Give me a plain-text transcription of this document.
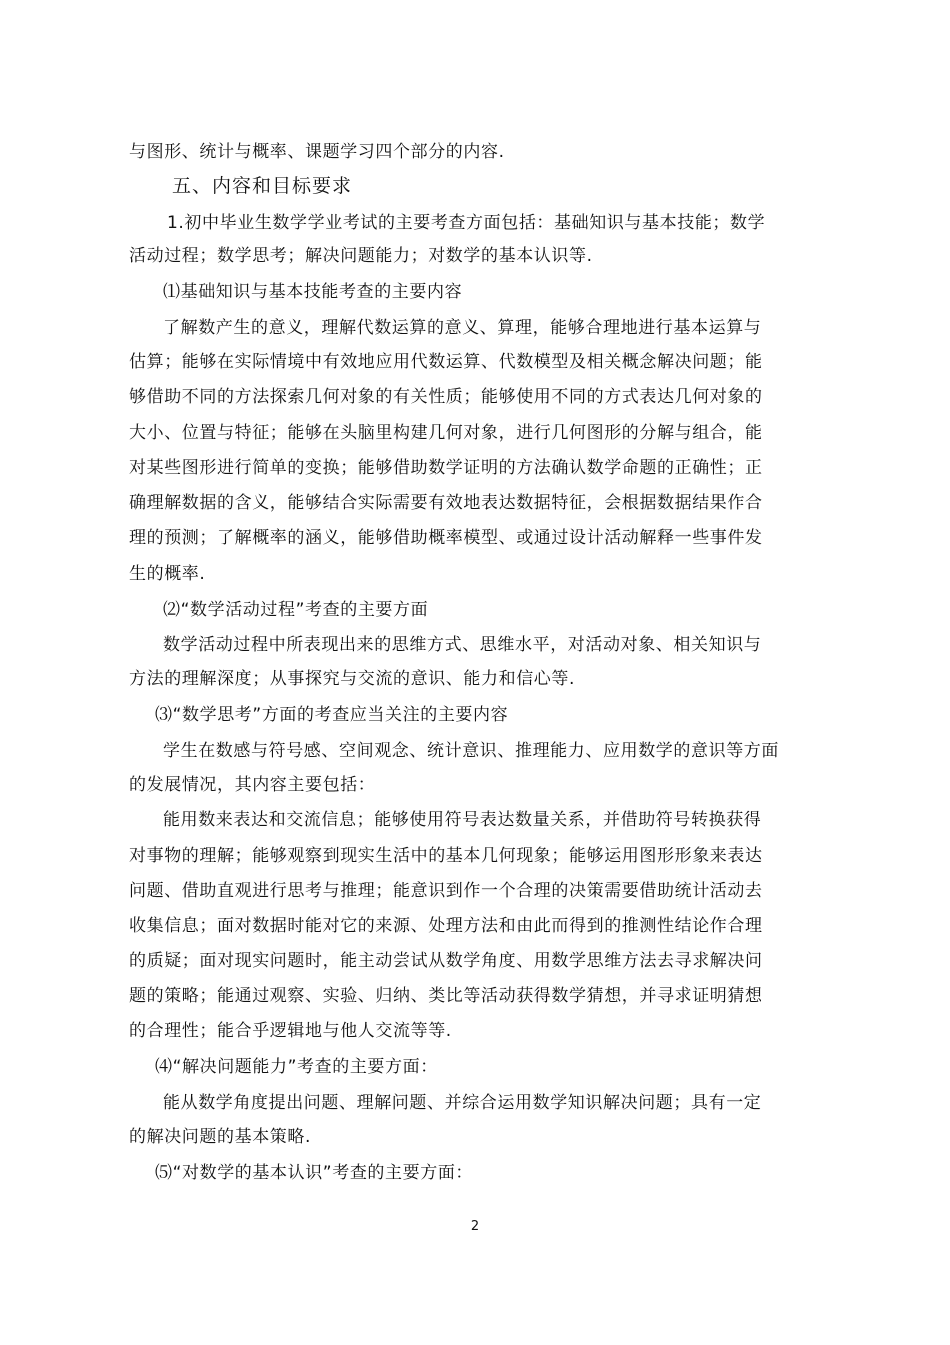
与图形、统计与概率、课题学习四个部分的内容.
五、内容和目标要求
1.初中毕业生数学学业考试的主要考查方面包括：基础知识与基本技能；数学
活动过程；数学思考；解决问题能力；对数学的基本认识等.
⑴基础知识与基本技能考查的主要内容
了解数产生的意义，理解代数运算的意义、算理，能够合理地进行基本运算与
估算；能够在实际情境中有效地应用代数运算、代数模型及相关概念解决问题；能
够借助不同的方法探索几何对象的有关性质；能够使用不同的方式表达几何对象的
大小、位置与特征；能够在头脑里构建几何对象，进行几何图形的分解与组合，能
对某些图形进行简单的变换；能够借助数学证明的方法确认数学命题的正确性；正
确理解数据的含义，能够结合实际需要有效地表达数据特征，会根据数据结果作合
理的预测；了解概率的涵义，能够借助概率模型、或通过设计活动解释一些事件发
生的概率.
⑵“数学活动过程”考查的主要方面
数学活动过程中所表现出来的思维方式、思维水平，对活动对象、相关知识与
方法的理解深度；从事探究与交流的意识、能力和信心等.
⑶“数学思考”方面的考查应当关注的主要内容
学生在数感与符号感、空间观念、统计意识、推理能力、应用数学的意识等方面
的发展情况，其内容主要包括：
能用数来表达和交流信息；能够使用符号表达数量关系，并借助符号转换获得
对事物的理解；能够观察到现实生活中的基本几何现象；能够运用图形形象来表达
问题、借助直观进行思考与推理；能意识到作一个合理的决策需要借助统计活动去
收集信息；面对数据时能对它的来源、处理方法和由此而得到的推测性结论作合理
的质疑；面对现实问题时，能主动尝试从数学角度、用数学思维方法去寻求解决问
题的策略；能通过观察、实验、归纳、类比等活动获得数学猜想，并寻求证明猜想
的合理性；能合乎逻辑地与他人交流等等.
⑷“解决问题能力”考查的主要方面：
能从数学角度提出问题、理解问题、并综合运用数学知识解决问题；具有一定
的解决问题的基本策略.
⑸“对数学的基本认识”考查的主要方面：
2
